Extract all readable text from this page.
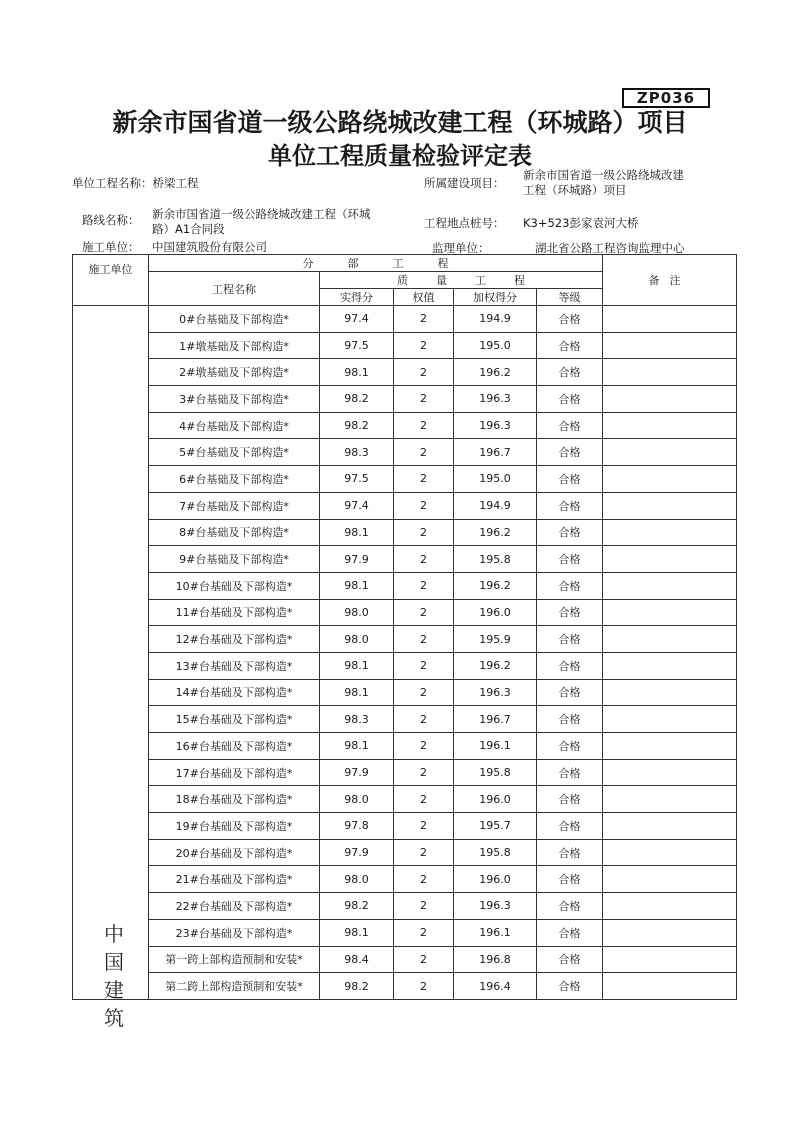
ZP036
新余市国省道一级公路绕城改建工程（环城路）项目
单位工程质量检验评定表
单位工程名称：桥梁工程	所属建设项目：
新余市国省道一级公路绕城改建
工程（环城路）项目
路线名称： 新余市国省道一级公路绕城改建工程（环城
路）A1合同段	工程地点桩号： K3+523彭家袁河大桥
施工单位： 中国建筑股份有限公司	监理单位：	湖北省公路工程咨询监理中心
施工单位	分部工程					备注
	工程名称	质量工程				
		实得分	权值	加权得分	等级	
	0#台基础及下部构造*	97.4	2	194.9	合格	
	1#墩基础及下部构造*	97.5	2	195.0	合格	
	2#墩基础及下部构造*	98.1	2	196.2	合格	
	3#台基础及下部构造*	98.2	2	196.3	合格	
	4#台基础及下部构造*	98.2	2	196.3	合格	
	5#台基础及下部构造*	98.3	2	196.7	合格	
	6#台基础及下部构造*	97.5	2	195.0	合格	
	7#台基础及下部构造*	97.4	2	194.9	合格	
	8#台基础及下部构造*	98.1	2	196.2	合格	
	9#台基础及下部构造*	97.9	2	195.8	合格	
	10#台基础及下部构造*	98.1	2	196.2	合格	
	11#台基础及下部构造*	98.0	2	196.0	合格	
	12#台基础及下部构造*	98.0	2	195.9	合格	
	13#台基础及下部构造*	98.1	2	196.2	合格	
	14#台基础及下部构造*	98.1	2	196.3	合格	
	15#台基础及下部构造*	98.3	2	196.7	合格	
	16#台基础及下部构造*	98.1	2	196.1	合格	
	17#台基础及下部构造*	97.9	2	195.8	合格	
	18#台基础及下部构造*	98.0	2	196.0	合格	
	19#台基础及下部构造*	97.8	2	195.7	合格	
	20#台基础及下部构造*	97.9	2	195.8	合格	
	21#台基础及下部构造*	98.0	2	196.0	合格	
	22#台基础及下部构造*	98.2	2	196.3	合格	
	23#台基础及下部构造*	98.1	2	196.1	合格	
	第一跨上部构造预制和安装*	98.4	2	196.8	合格	
	第二跨上部构造预制和安装*	98.2	2	196.4	合格	
中国建筑
